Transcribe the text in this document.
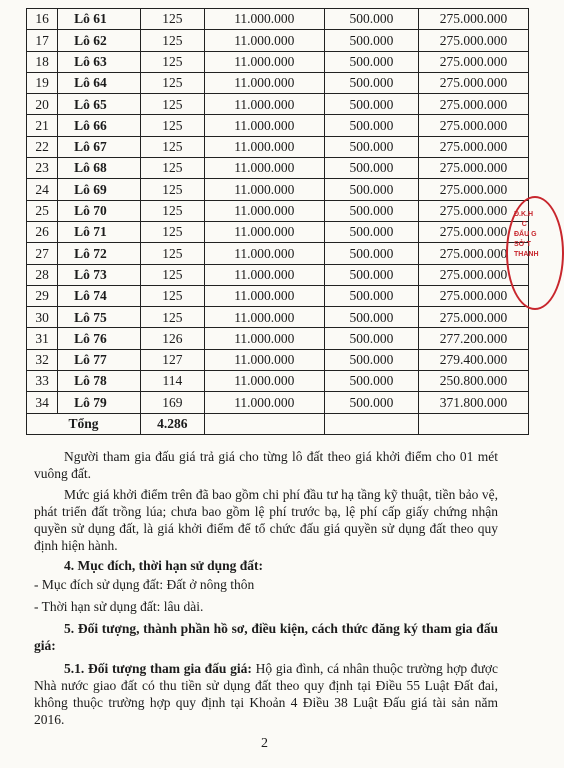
16	Lô 61	125	11.000.000	500.000	275.000.000
17	Lô 62	125	11.000.000	500.000	275.000.000
18	Lô 63	125	11.000.000	500.000	275.000.000
19	Lô 64	125	11.000.000	500.000	275.000.000
20	Lô 65	125	11.000.000	500.000	275.000.000
21	Lô 66	125	11.000.000	500.000	275.000.000
22	Lô 67	125	11.000.000	500.000	275.000.000
23	Lô 68	125	11.000.000	500.000	275.000.000
24	Lô 69	125	11.000.000	500.000	275.000.000
25	Lô 70	125	11.000.000	500.000	275.000.000
26	Lô 71	125	11.000.000	500.000	275.000.000
27	Lô 72	125	11.000.000	500.000	275.000.000
28	Lô 73	125	11.000.000	500.000	275.000.000
29	Lô 74	125	11.000.000	500.000	275.000.000
30	Lô 75	125	11.000.000	500.000	275.000.000
31	Lô 76	126	11.000.000	500.000	277.200.000
32	Lô 77	127	11.000.000	500.000	279.400.000
33	Lô 78	114	11.000.000	500.000	250.800.000
34	Lô 79	169	11.000.000	500.000	371.800.000
Tổng		4.286			
Người tham gia đấu giá trả giá cho từng lô đất theo giá khởi điểm cho 01 mét vuông đất.
Mức giá khởi điểm trên đã bao gồm chi phí đầu tư hạ tầng kỹ thuật, tiền bảo vệ, phát triển đất trồng lúa; chưa bao gồm lệ phí trước bạ, lệ phí cấp giấy chứng nhận quyền sử dụng đất, là giá khởi điểm để tổ chức đấu giá quyền sử dụng đất theo quy định hiện hành.
4. Mục đích, thời hạn sử dụng đất:
- Mục đích sử dụng đất: Đất ở nông thôn
- Thời hạn sử dụng đất: lâu dài.
5. Đối tượng, thành phần hồ sơ, điều kiện, cách thức đăng ký tham gia đấu giá:
5.1. Đối tượng tham gia đấu giá: Hộ gia đình, cá nhân thuộc trường hợp được Nhà nước giao đất có thu tiền sử dụng đất theo quy định tại Điều 55 Luật Đất đai, không thuộc trường hợp quy định tại Khoản 4 Điều 38 Luật Đấu giá tài sản năm 2016.
2
Đ.K.H
C
ĐẤU G
SỞ T
THANH
